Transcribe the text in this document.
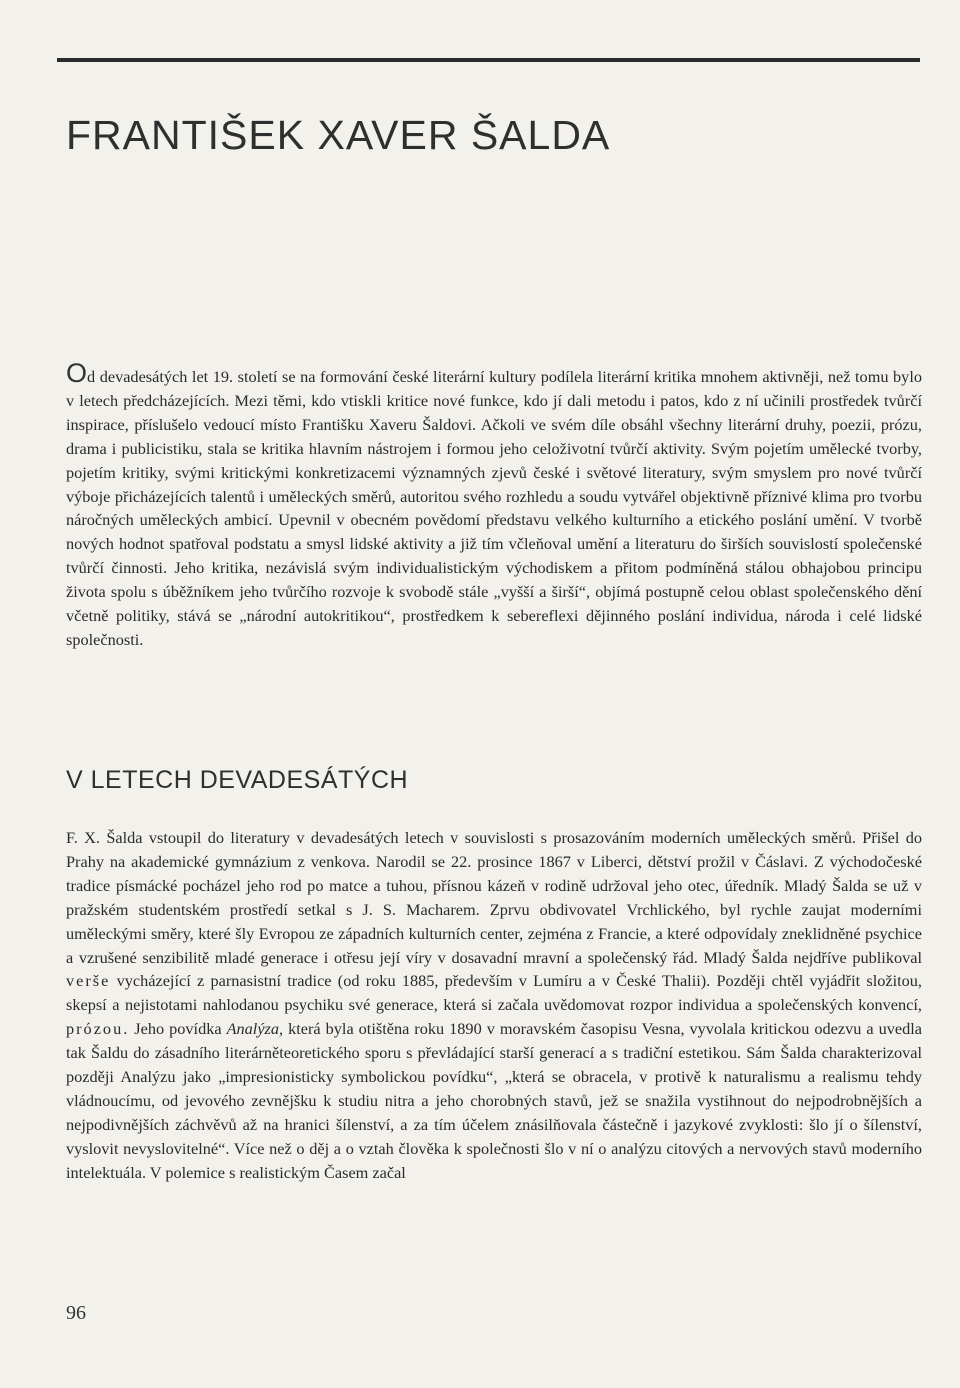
FRANTIŠEK XAVER ŠALDA

Od devadesátých let 19. století se na formování české literární kultury podílela literární kritika mnohem aktivněji, než tomu bylo v letech předcházejících. Mezi těmi, kdo vtiskli kritice nové funkce, kdo jí dali metodu i patos, kdo z ní učinili prostředek tvůrčí inspirace, příslušelo vedoucí místo Františku Xaveru Šaldovi. Ačkoli ve svém díle obsáhl všechny literární druhy, poezii, prózu, drama i publicistiku, stala se kritika hlavním nástrojem i formou jeho celoživotní tvůrčí aktivity. Svým pojetím umělecké tvorby, pojetím kritiky, svými kritickými konkretizacemi významných zjevů české i světové literatury, svým smyslem pro nové tvůrčí výboje přicházejících talentů i uměleckých směrů, autoritou svého rozhledu a soudu vytvářel objektivně příznivé klima pro tvorbu náročných uměleckých ambicí. Upevnil v obecném povědomí představu velkého kulturního a etického poslání umění. V tvorbě nových hodnot spatřoval podstatu a smysl lidské aktivity a již tím včleňoval umění a literaturu do širších souvislostí společenské tvůrčí činnosti. Jeho kritika, nezávislá svým individualistickým východiskem a přitom podmíněná stálou obhajobou principu života spolu s úběžníkem jeho tvůrčího rozvoje k svobodě stále „vyšší a širší“, objímá postupně celou oblast společenského dění včetně politiky, stává se „národní autokritikou“, prostředkem k sebereflexi dějinného poslání individua, národa i celé lidské společnosti.

V LETECH DEVADESÁTÝCH

F. X. Šalda vstoupil do literatury v devadesátých letech v souvislosti s prosazováním moderních uměleckých směrů. Přišel do Prahy na akademické gymnázium z venkova. Narodil se 22. prosince 1867 v Liberci, dětství prožil v Čáslavi. Z východočeské tradice písmácké pocházel jeho rod po matce a tuhou, přísnou kázeň v rodině udržoval jeho otec, úředník. Mladý Šalda se už v pražském studentském prostředí setkal s J. S. Macharem. Zprvu obdivovatel Vrchlického, byl rychle zaujat moderními uměleckými směry, které šly Evropou ze západních kulturních center, zejména z Francie, a které odpovídaly zneklidněné psychice a vzrušené senzibilitě mladé generace i otřesu její víry v dosavadní mravní a společenský řád. Mladý Šalda nejdříve publikoval verše vycházející z parnasistní tradice (od roku 1885, především v Lumíru a v České Thalii). Později chtěl vyjádřit složitou, skepsí a nejistotami nahlodanou psychiku své generace, která si začala uvědomovat rozpor individua a společenských konvencí, prózou. Jeho povídka Analýza, která byla otištěna roku 1890 v moravském časopisu Vesna, vyvolala kritickou odezvu a uvedla tak Šaldu do zásadního literárněteoretického sporu s převládající starší generací a s tradiční estetikou. Sám Šalda charakterizoval později Analýzu jako „impresionisticky symbolickou povídku“, „která se obracela, v protivě k naturalismu a realismu tehdy vládnoucímu, od jevového zevnějšku k studiu nitra a jeho chorobných stavů, jež se snažila vystihnout do nejpodrobnějších a nejpodivnějších záchvěvů až na hranici šílenství, a za tím účelem znásilňovala částečně i jazykové zvyklosti: šlo jí o šílenství, vyslovit nevyslovitelné“. Více než o děj a o vztah člověka k společnosti šlo v ní o analýzu citových a nervových stavů moderního intelektuála. V polemice s realistickým Časem začal

96
